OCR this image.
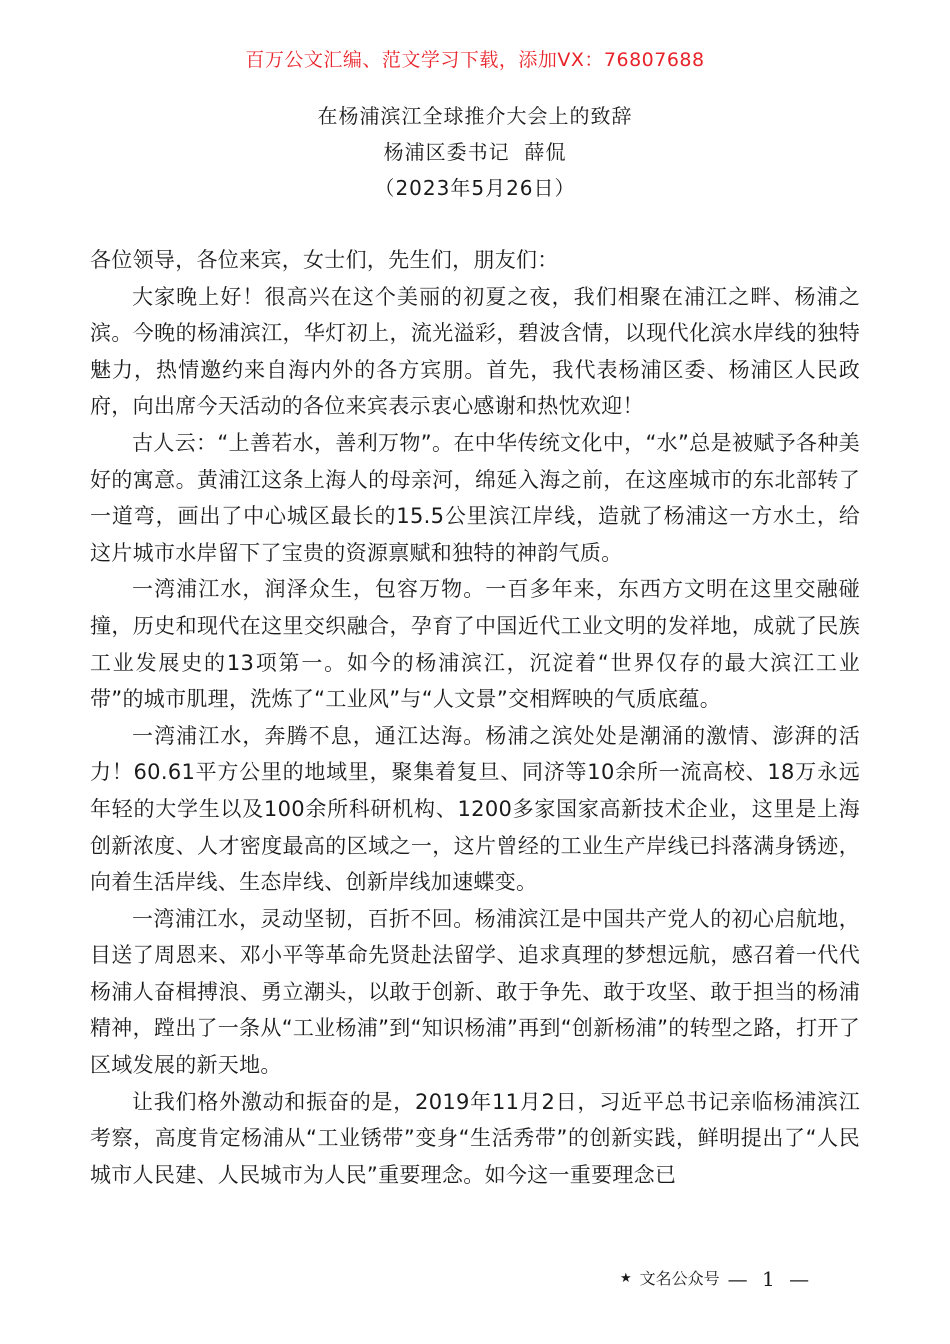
百万公文汇编、范文学习下载，添加VX：76807688
在杨浦滨江全球推介大会上的致辞
杨浦区委书记  薛侃
（2023年5月26日）

各位领导，各位来宾，女士们，先生们，朋友们：

大家晚上好！很高兴在这个美丽的初夏之夜，我们相聚在浦江之畔、杨浦之滨。今晚的杨浦滨江，华灯初上，流光溢彩，碧波含情，以现代化滨水岸线的独特魅力，热情邀约来自海内外的各方宾朋。首先，我代表杨浦区委、杨浦区人民政府，向出席今天活动的各位来宾表示衷心感谢和热忱欢迎！

古人云：“上善若水，善利万物”。在中华传统文化中，“水”总是被赋予各种美好的寓意。黄浦江这条上海人的母亲河，绵延入海之前，在这座城市的东北部转了一道弯，画出了中心城区最长的15.5公里滨江岸线，造就了杨浦这一方水土，给这片城市水岸留下了宝贵的资源禀赋和独特的神韵气质。

一湾浦江水，润泽众生，包容万物。一百多年来，东西方文明在这里交融碰撞，历史和现代在这里交织融合，孕育了中国近代工业文明的发祥地，成就了民族工业发展史的13项第一。如今的杨浦滨江，沉淀着“世界仅存的最大滨江工业带”的城市肌理，洗炼了“工业风”与“人文景”交相辉映的气质底蕴。

一湾浦江水，奔腾不息，通江达海。杨浦之滨处处是潮涌的激情、澎湃的活力！60.61平方公里的地域里，聚集着复旦、同济等10余所一流高校、18万永远年轻的大学生以及100余所科研机构、1200多家国家高新技术企业，这里是上海创新浓度、人才密度最高的区域之一，这片曾经的工业生产岸线已抖落满身锈迹，向着生活岸线、生态岸线、创新岸线加速蝶变。

一湾浦江水，灵动坚韧，百折不回。杨浦滨江是中国共产党人的初心启航地，目送了周恩来、邓小平等革命先贤赴法留学、追求真理的梦想远航，感召着一代代杨浦人奋楫搏浪、勇立潮头，以敢于创新、敢于争先、敢于攻坚、敢于担当的杨浦精神，蹚出了一条从“工业杨浦”到“知识杨浦”再到“创新杨浦”的转型之路，打开了区域发展的新天地。

让我们格外激动和振奋的是，2019年11月2日，习近平总书记亲临杨浦滨江考察，高度肯定杨浦从“工业锈带”变身“生活秀带”的创新实践，鲜明提出了“人民城市人民建、人民城市为人民”重要理念。如今这一重要理念已

★ 文名公众号 — 1 —
